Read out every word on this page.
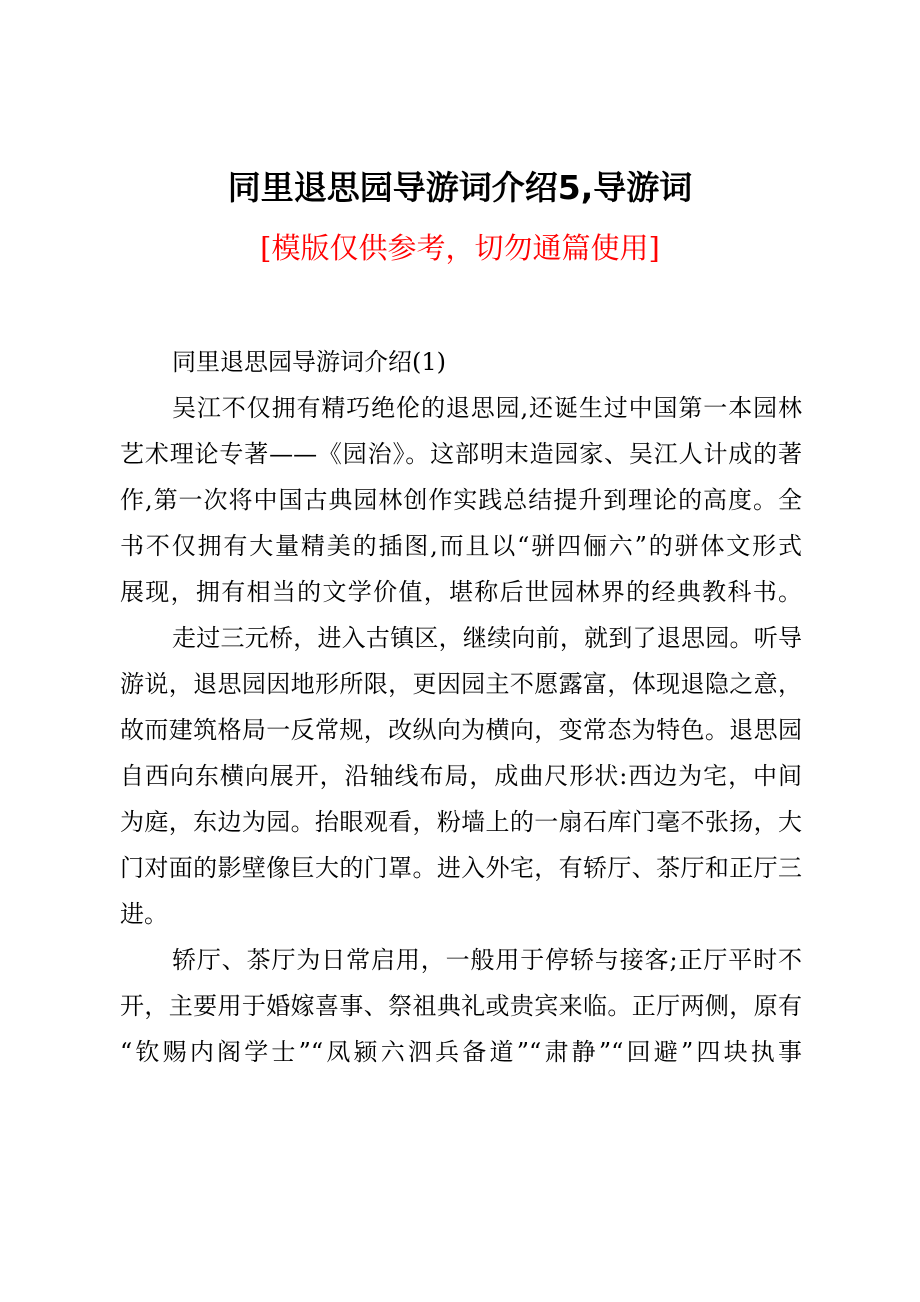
同里退思园导游词介绍5,导游词
[模版仅供参考，切勿通篇使用]
同里退思园导游词介绍(1)
吴江不仅拥有精巧绝伦的退思园,还诞生过中国第一本园林
艺术理论专著——《园治》。这部明末造园家、吴江人计成的著
作,第一次将中国古典园林创作实践总结提升到理论的高度。全
书不仅拥有大量精美的插图,而且以“骈四俪六”的骈体文形式
展现，拥有相当的文学价值，堪称后世园林界的经典教科书。
走过三元桥，进入古镇区，继续向前，就到了退思园。听导
游说，退思园因地形所限，更因园主不愿露富，体现退隐之意，
故而建筑格局一反常规，改纵向为横向，变常态为特色。退思园
自西向东横向展开，沿轴线布局，成曲尺形状:西边为宅，中间
为庭，东边为园。抬眼观看，粉墙上的一扇石库门毫不张扬，大
门对面的影壁像巨大的门罩。进入外宅，有轿厅、茶厅和正厅三
进。
轿厅、茶厅为日常启用，一般用于停轿与接客;正厅平时不
开，主要用于婚嫁喜事、祭祖典礼或贵宾来临。正厅两侧，原有
“钦赐内阁学士”“凤颍六泗兵备道”“肃静”“回避”四块执事
